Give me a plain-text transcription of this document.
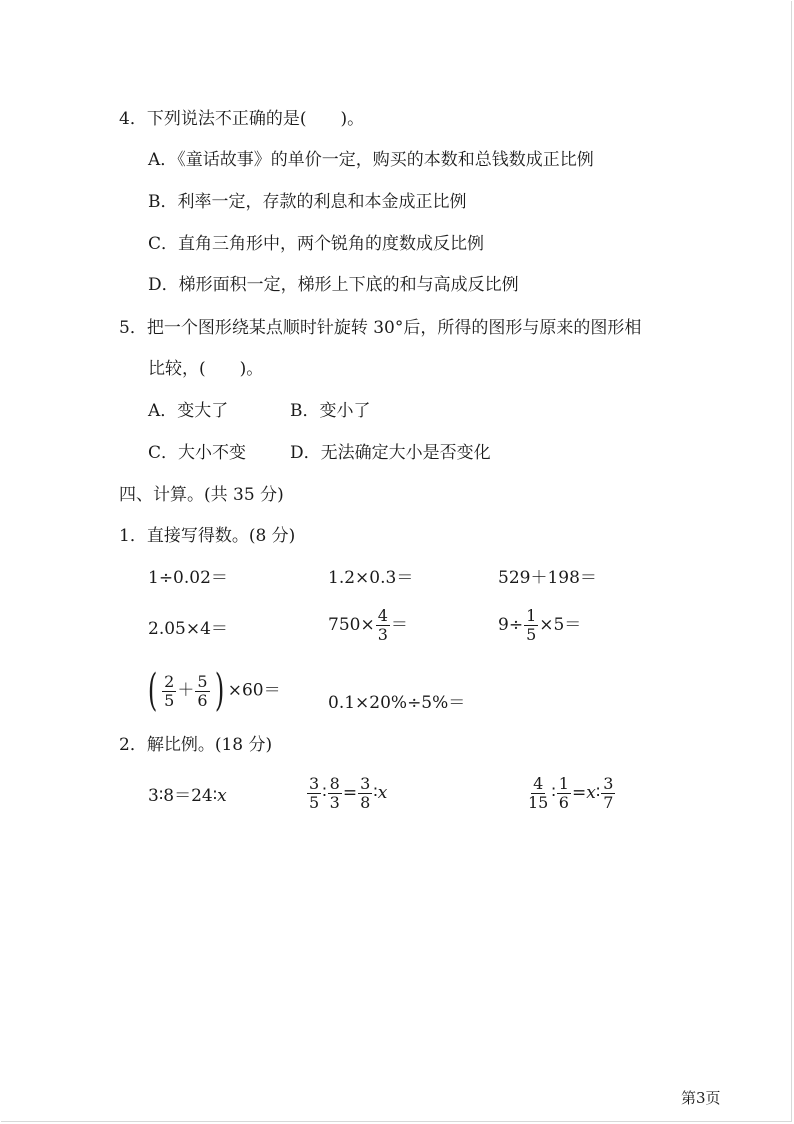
4．下列说法不正确的是(　　)。
A．《童话故事》的单价一定，购买的本数和总钱数成正比例
B．利率一定，存款的利息和本金成正比例
C．直角三角形中，两个锐角的度数成反比例
D．梯形面积一定，梯形上下底的和与高成反比例
5．把一个图形绕某点顺时针旋转 30°后，所得的图形与原来的图形相
比较，(　　)。
A．变大了	B．变小了
C．大小不变	D．无法确定大小是否变化
四、计算。(共 35 分)
1．直接写得数。(8 分)
1÷0.02＝	1.2×0.3＝	529＋198＝
2.05×4＝	$750\times \frac{4}{3}$ ＝	$9\div \frac{1}{5} \times 5=$
( $\frac{2}{5} + \frac{5}{6}$ ) ×60＝
0.1×20%÷5%＝
2．解比例。(18 分)
3∶8＝24∶x	$\frac{3}{5}$ ∶ $\frac{8}{3} = \frac{3}{8}$ ∶x	$\frac{4}{15}$ ∶ $\frac{1}{6}$ =x∶ $\frac{3}{7}$
第3页
